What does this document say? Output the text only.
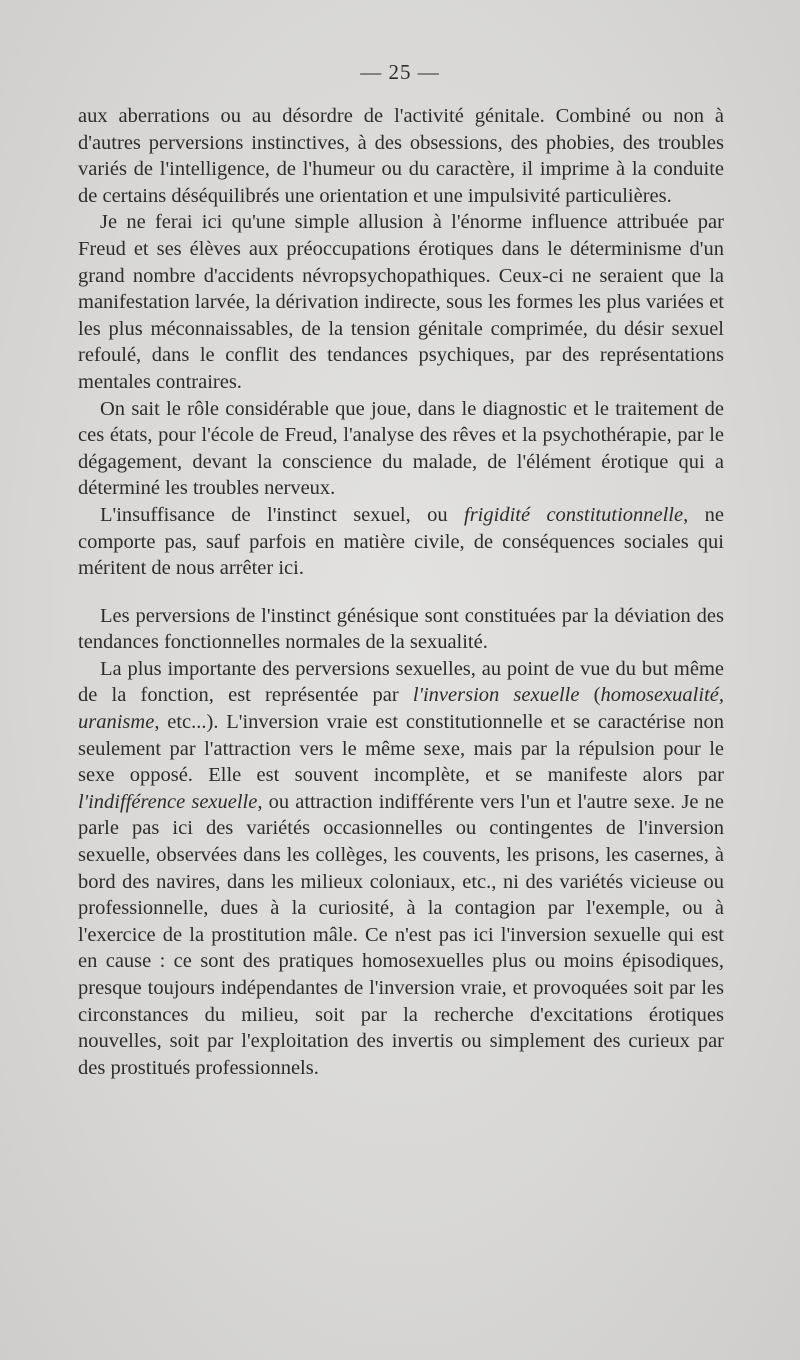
— 25 —

aux aberrations ou au désordre de l'activité génitale. Combiné ou non à d'autres perversions instinctives, à des obsessions, des phobies, des troubles variés de l'intelligence, de l'humeur ou du caractère, il imprime à la conduite de certains déséquilibrés une orientation et une impulsivité particulières.

Je ne ferai ici qu'une simple allusion à l'énorme influence attribuée par Freud et ses élèves aux préoccupations érotiques dans le déterminisme d'un grand nombre d'accidents névropsychopathiques. Ceux-ci ne seraient que la manifestation larvée, la dérivation indirecte, sous les formes les plus variées et les plus méconnaissables, de la tension génitale comprimée, du désir sexuel refoulé, dans le conflit des tendances psychiques, par des représentations mentales contraires.

On sait le rôle considérable que joue, dans le diagnostic et le traitement de ces états, pour l'école de Freud, l'analyse des rêves et la psychothérapie, par le dégagement, devant la conscience du malade, de l'élément érotique qui a déterminé les troubles nerveux.

L'insuffisance de l'instinct sexuel, ou frigidité constitutionnelle, ne comporte pas, sauf parfois en matière civile, de conséquences sociales qui méritent de nous arrêter ici.

Les perversions de l'instinct génésique sont constituées par la déviation des tendances fonctionnelles normales de la sexualité.

La plus importante des perversions sexuelles, au point de vue du but même de la fonction, est représentée par l'inversion sexuelle (homosexualité, uranisme, etc...). L'inversion vraie est constitutionnelle et se caractérise non seulement par l'attraction vers le même sexe, mais par la répulsion pour le sexe opposé. Elle est souvent incomplète, et se manifeste alors par l'indifférence sexuelle, ou attraction indifférente vers l'un et l'autre sexe. Je ne parle pas ici des variétés occasionnelles ou contingentes de l'inversion sexuelle, observées dans les collèges, les couvents, les prisons, les casernes, à bord des navires, dans les milieux coloniaux, etc., ni des variétés vicieuse ou professionnelle, dues à la curiosité, à la contagion par l'exemple, ou à l'exercice de la prostitution mâle. Ce n'est pas ici l'inversion sexuelle qui est en cause : ce sont des pratiques homosexuelles plus ou moins épisodiques, presque toujours indépendantes de l'inversion vraie, et provoquées soit par les circonstances du milieu, soit par la recherche d'excitations érotiques nouvelles, soit par l'exploitation des invertis ou simplement des curieux par des prostitués professionnels.
